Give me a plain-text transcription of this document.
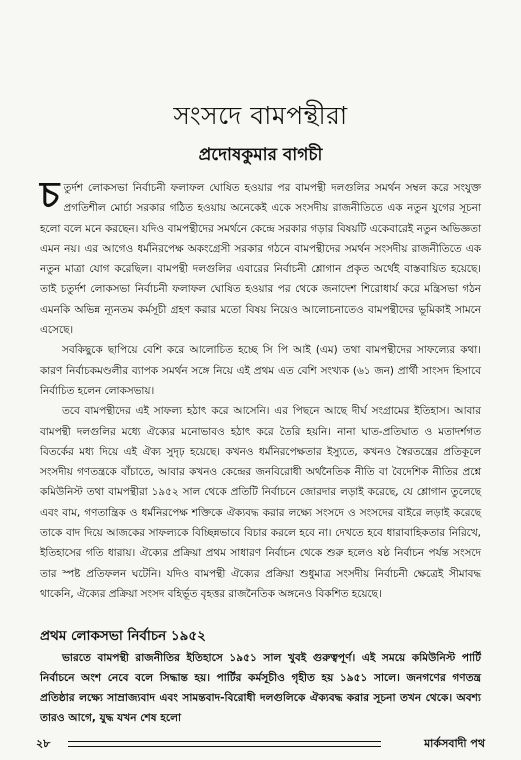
সংসদে বামপন্থীরা
প্রদোষকুমার বাগচী

চতুর্দশ লোকসভা নির্বাচনী ফলাফল ঘোষিত হওয়ার পর বামপন্থী দলগুলির সমর্থন সম্বল করে সংযুক্ত প্রগতিশীল মোর্চা সরকার গঠিত হওয়ায় অনেকেই একে সংসদীয় রাজনীতিতে এক নতুন যুগের সূচনা হলো বলে মনে করছেন। যদিও বামপন্থীদের সমর্থনে কেন্দ্রে সরকার গড়ার বিষয়টি একেবারেই নতুন অভিজ্ঞতা এমন নয়। এর আগেও ধর্মনিরপেক্ষ অকংগ্রেসী সরকার গঠনে বামপন্থীদের সমর্থন সংসদীয় রাজনীতিতে এক নতুন মাত্রা যোগ করেছিল। বামপন্থী দলগুলির এবারের নির্বাচনী শ্লোগান প্রকৃত অর্থেই বাস্তবায়িত হয়েছে। তাই চতুর্দশ লোকসভা নির্বাচনী ফলাফল ঘোষিত হওয়ার পর থেকে জনাদেশ শিরোধার্য করে মন্ত্রিসভা গঠন এমনকি অভিন্ন ন্যূনতম কর্মসূচী গ্রহণ করার মতো বিষয় নিয়েও আলোচনাতেও বামপন্থীদের ভূমিকাই সামনে এসেছে।

সবকিছুকে ছাপিয়ে বেশি করে আলোচিত হচ্ছে সি পি আই (এম) তথা বামপন্থীদের সাফল্যের কথা। কারণ নির্বাচকমণ্ডলীর ব্যাপক সমর্থন সঙ্গে নিয়ে এই প্রথম এত বেশি সংখ্যক (৬১ জন) প্রার্থী সাংসদ হিসাবে নির্বাচিত হলেন লোকসভায়।

তবে বামপন্থীদের এই সাফল্য হঠাৎ করে আসেনি। এর পিছনে আছে দীর্ঘ সংগ্রামের ইতিহাস। আবার বামপন্থী দলগুলির মধ্যে ঐক্যের মনোভাবও হঠাৎ করে তৈরি হয়নি। নানা ঘাত-প্রতিঘাত ও মতাদর্শগত বিতর্কের মধ্য দিয়ে এই ঐক্য সুদৃঢ় হয়েছে। কখনও ধর্মনিরপেক্ষতার ইস্যুতে, কখনও স্বৈরতন্ত্রের প্রতিকূলে সংসদীয় গণতন্ত্রকে বাঁচাতে, আবার কখনও কেন্দ্রের জনবিরোধী অর্থনৈতিক নীতি বা বৈদেশিক নীতির প্রশ্নে কমিউনিস্ট তথা বামপন্থীরা ১৯৫২ সাল থেকে প্রতিটি নির্বাচনে জোরদার লড়াই করেছে, যে শ্লোগান তুলেছে এবং বাম, গণতান্ত্রিক ও ধর্মনিরপেক্ষ শক্তিকে ঐক্যবদ্ধ করার লক্ষ্যে সংসদে ও সংসদের বাইরে লড়াই করেছে তাকে বাদ দিয়ে আজকের সাফল্যকে বিচ্ছিন্নভাবে বিচার করলে হবে না। দেখতে হবে ধারাবাহিকতার নিরিখে, ইতিহাসের গতি ধারায়। ঐক্যের প্রক্রিয়া প্রথম সাধারণ নির্বাচন থেকে শুরু হলেও ষষ্ঠ নির্বাচন পর্যন্ত সংসদে তার স্পষ্ট প্রতিফলন ঘটেনি। যদিও বামপন্থী ঐক্যের প্রক্রিয়া শুধুমাত্র সংসদীয় নির্বাচনী ক্ষেত্রেই সীমাবদ্ধ থাকেনি, ঐক্যের প্রক্রিয়া সংসদ বহির্ভূত বৃহত্তর রাজনৈতিক অঙ্গনেও বিকশিত হয়েছে।

প্রথম লোকসভা নির্বাচন ১৯৫২

ভারতে বামপন্থী রাজনীতির ইতিহাসে ১৯৫১ সাল খুবই গুরুত্বপূর্ণ। এই সময়ে কমিউনিস্ট পার্টি নির্বাচনে অংশ নেবে বলে সিদ্ধান্ত হয়। পার্টির কর্মসূচীও গৃহীত হয় ১৯৫১ সালে। জনগণের গণতন্ত্র প্রতিষ্ঠার লক্ষ্যে সাম্রাজ্যবাদ এবং সামন্তবাদ-বিরোধী দলগুলিকে ঐক্যবদ্ধ করার সূচনা তখন থেকে। অবশ্য তারও আগে, যুদ্ধ যখন শেষ হলো

২৮	মার্কসবাদী পথ
